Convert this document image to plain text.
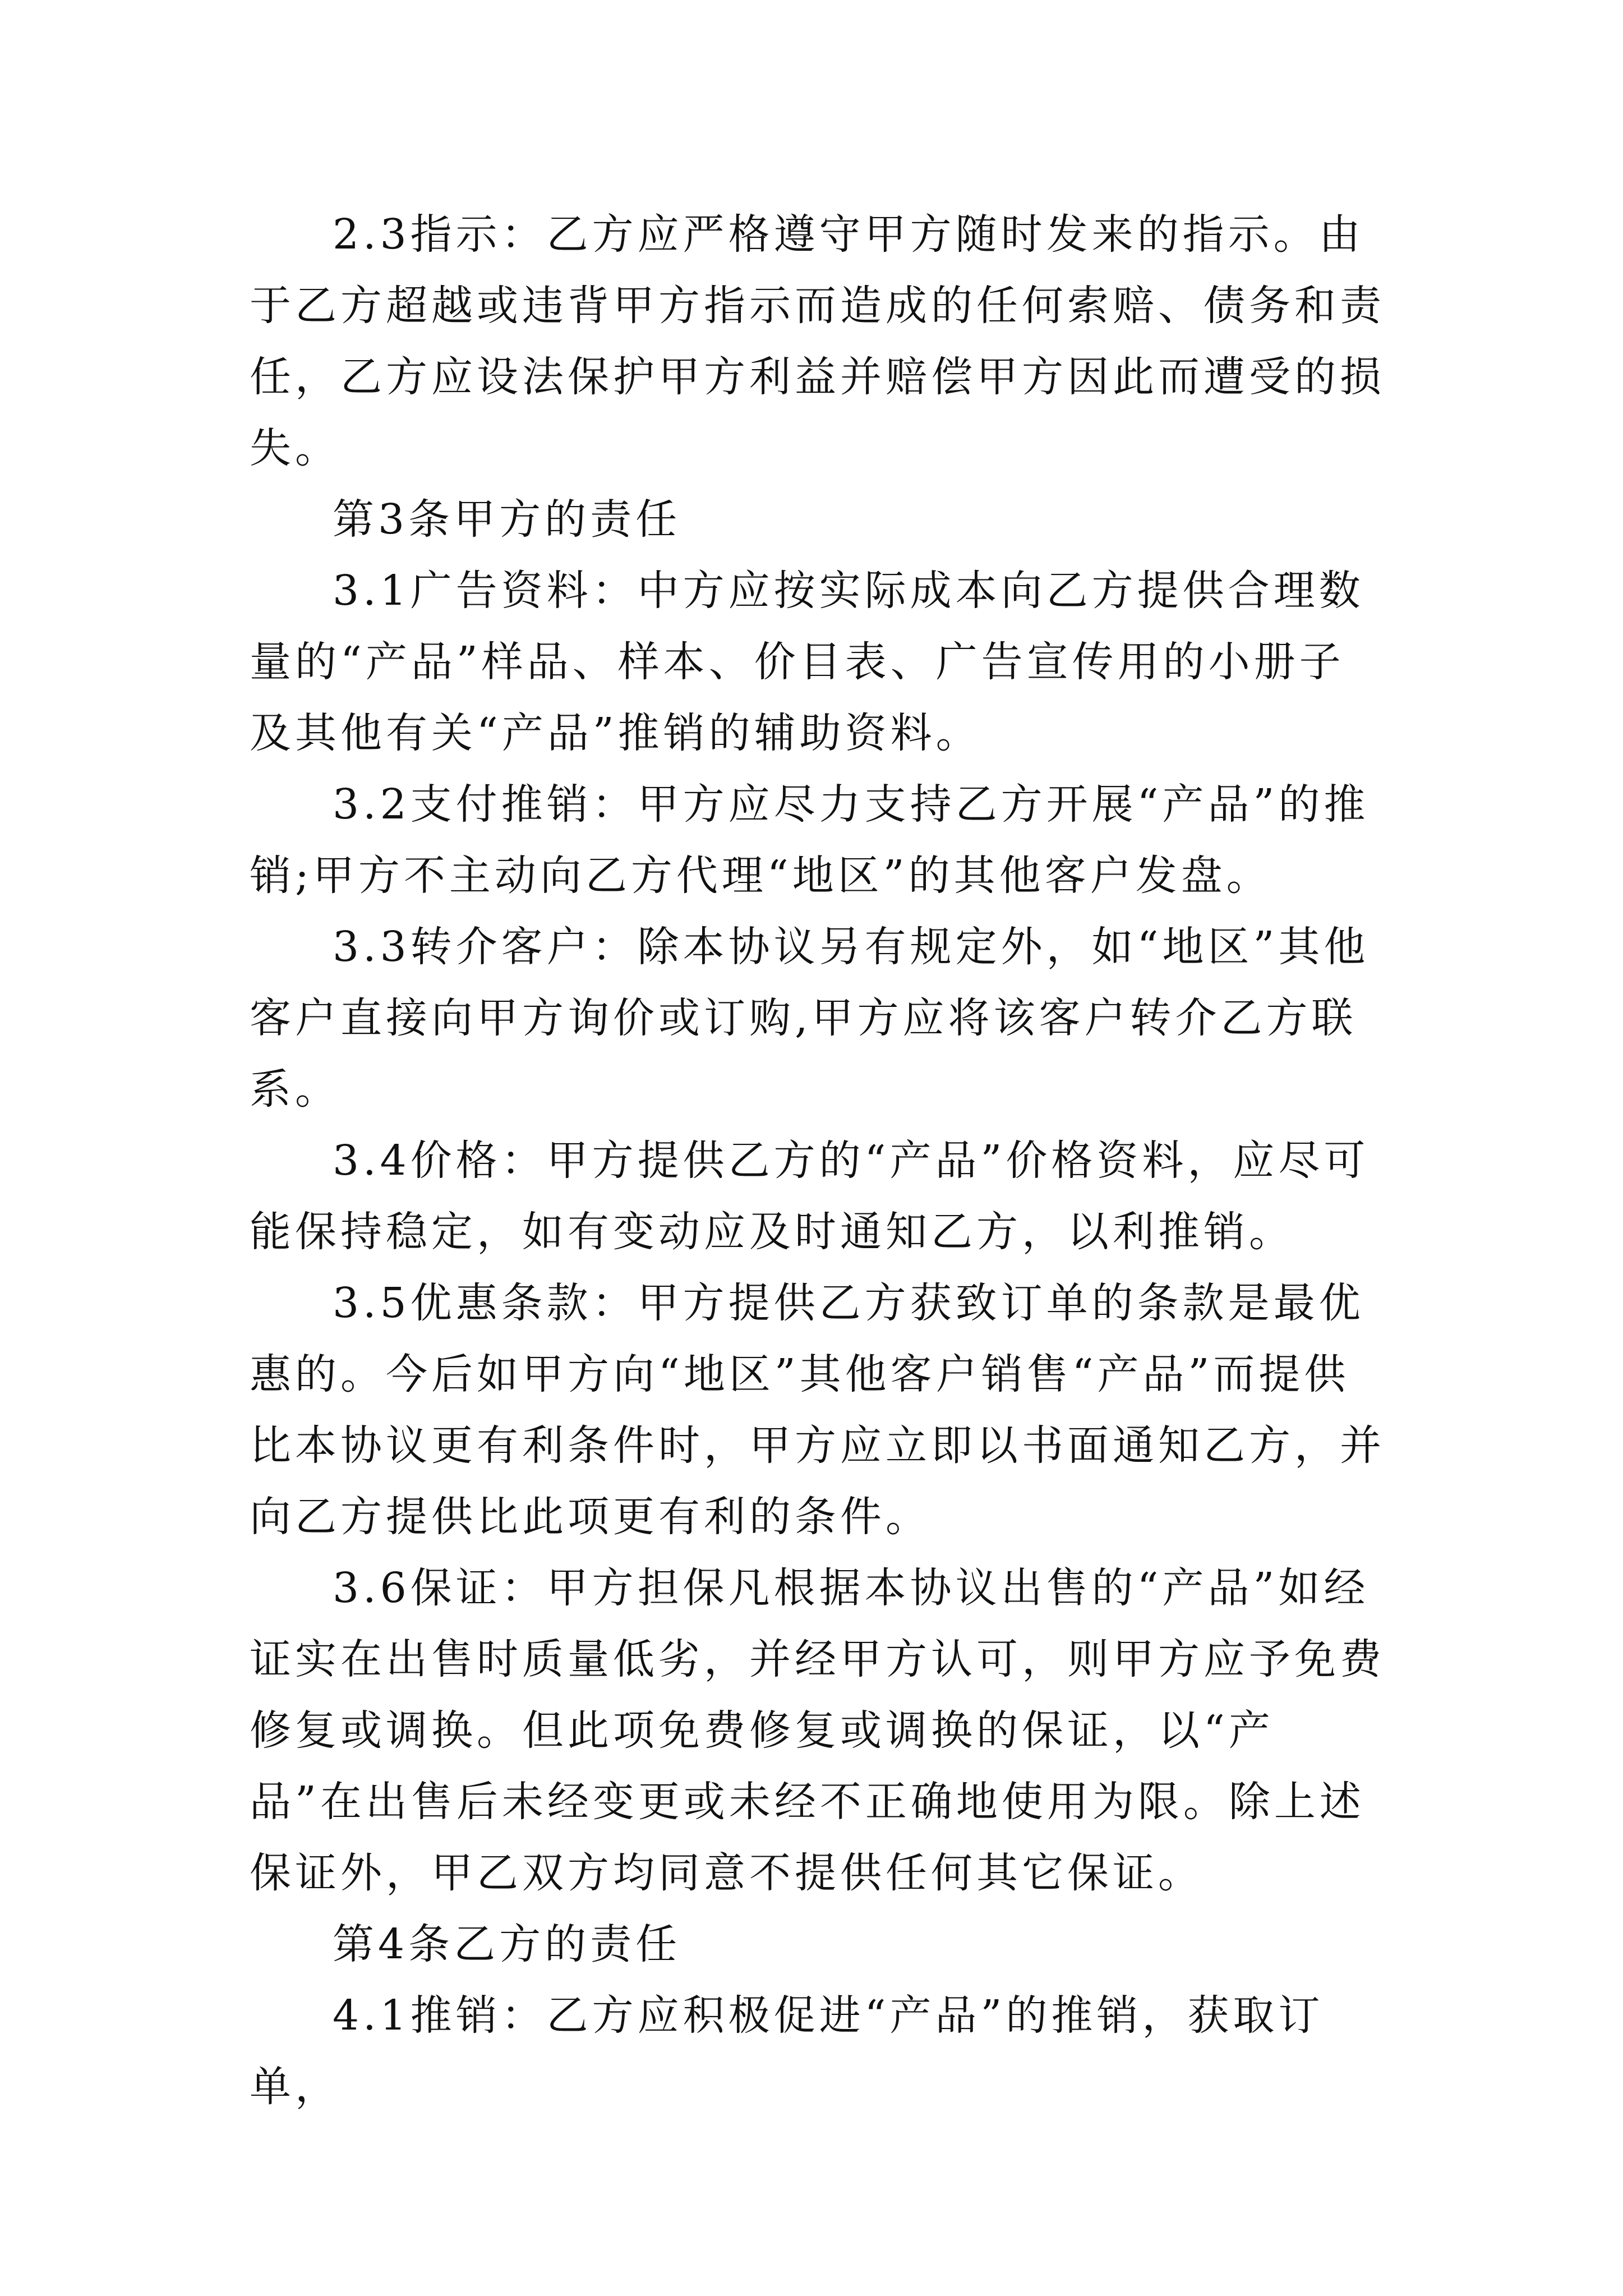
2.3指示：乙方应严格遵守甲方随时发来的指示。由于乙方超越或违背甲方指示而造成的任何索赔、债务和责任，乙方应设法保护甲方利益并赔偿甲方因此而遭受的损失。

第3条甲方的责任

3.1广告资料：中方应按实际成本向乙方提供合理数量的“产品”样品、样本、价目表、广告宣传用的小册子及其他有关“产品”推销的辅助资料。

3.2支付推销：甲方应尽力支持乙方开展“产品”的推销;甲方不主动向乙方代理“地区”的其他客户发盘。

3.3转介客户：除本协议另有规定外，如“地区”其他客户直接向甲方询价或订购,甲方应将该客户转介乙方联系。

3.4价格：甲方提供乙方的“产品”价格资料，应尽可能保持稳定，如有变动应及时通知乙方，以利推销。

3.5优惠条款：甲方提供乙方获致订单的条款是最优惠的。今后如甲方向“地区”其他客户销售“产品”而提供比本协议更有利条件时，甲方应立即以书面通知乙方，并向乙方提供比此项更有利的条件。

3.6保证：甲方担保凡根据本协议出售的“产品”如经证实在出售时质量低劣，并经甲方认可，则甲方应予免费修复或调换。但此项免费修复或调换的保证，以“产品”在出售后未经变更或未经不正确地使用为限。除上述保证外，甲乙双方均同意不提供任何其它保证。

第4条乙方的责任

4.1推销：乙方应积极促进“产品”的推销，获取订单，
